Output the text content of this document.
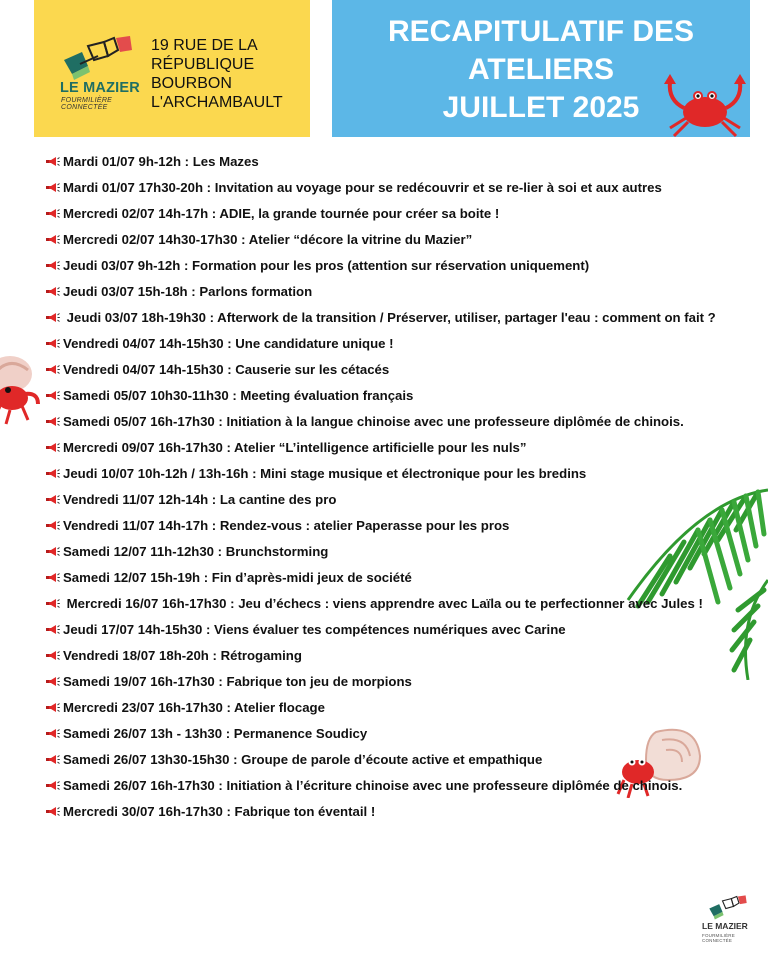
LE MAZIER
FOURMILIÈRE CONNECTÉE
19 RUE DE LA
RÉPUBLIQUE
BOURBON
L'ARCHAMBAULT
RECAPITULATIF DES
ATELIERS
JUILLET 2025
Mardi 01/07 9h-12h : Les Mazes
Mardi 01/07 17h30-20h : Invitation au voyage pour se redécouvrir et se re-lier à soi et aux autres
Mercredi 02/07 14h-17h : ADIE, la grande tournée pour créer sa boite !
Mercredi 02/07 14h30-17h30 : Atelier “décore la vitrine du Mazier”
Jeudi 03/07 9h-12h : Formation pour les pros (attention sur réservation uniquement)
Jeudi 03/07 15h-18h : Parlons formation
Jeudi 03/07 18h-19h30 : Afterwork de la transition / Préserver, utiliser, partager l'eau : comment on fait ?
Vendredi 04/07 14h-15h30 : Une candidature unique !
Vendredi 04/07 14h-15h30 : Causerie sur les cétacés
Samedi 05/07 10h30-11h30 : Meeting évaluation français
Samedi 05/07 16h-17h30 : Initiation à la langue chinoise avec une professeure diplômée de chinois.
Mercredi 09/07 16h-17h30 : Atelier “L’intelligence artificielle pour les nuls”
Jeudi 10/07 10h-12h / 13h-16h : Mini stage musique et électronique pour les bredins
Vendredi 11/07 12h-14h : La cantine des pro
Vendredi 11/07 14h-17h : Rendez-vous : atelier Paperasse pour les pros
Samedi 12/07 11h-12h30 : Brunchstorming
Samedi 12/07 15h-19h : Fin d’après-midi jeux de société
Mercredi 16/07 16h-17h30 : Jeu d’échecs : viens apprendre avec Laïla ou te perfectionner avec Jules !
Jeudi 17/07 14h-15h30 : Viens évaluer tes compétences numériques avec Carine
Vendredi 18/07 18h-20h : Rétrogaming
Samedi 19/07 16h-17h30 : Fabrique ton jeu de morpions
Mercredi 23/07 16h-17h30 : Atelier flocage
Samedi 26/07 13h - 13h30 : Permanence Soudicy
Samedi 26/07 13h30-15h30 : Groupe de parole d’écoute active et empathique
Samedi 26/07 16h-17h30 : Initiation à l’écriture chinoise avec une professeure diplômée de chinois.
Mercredi 30/07 16h-17h30 : Fabrique ton éventail !
LE MAZIER
FOURMILIÈRE CONNECTÉE
